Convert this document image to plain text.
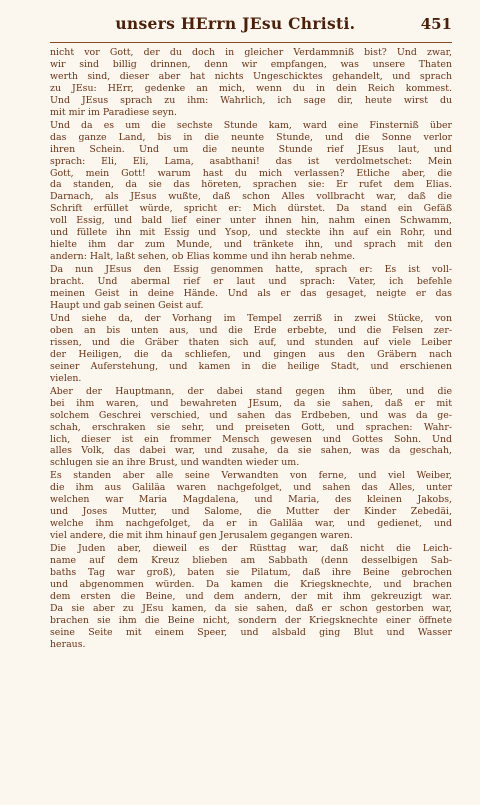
unsers HErrn JEsu Christi.	451
nicht vor Gott, der du doch in gleicher Verdammniß bist? Und zwar,
wir sind billig drinnen, denn wir empfangen, was unsere Thaten
werth sind, dieser aber hat nichts Ungeschicktes gehandelt, und sprach
zu JEsu: HErr, gedenke an mich, wenn du in dein Reich kommest.
Und JEsus sprach zu ihm: Wahrlich, ich sage dir, heute wirst du
mit mir im Paradiese seyn.
Und da es um die sechste Stunde kam, ward eine Finsterniß über
das ganze Land, bis in die neunte Stunde, und die Sonne verlor
ihren Schein. Und um die neunte Stunde rief JEsus laut, und
sprach: Eli, Eli, Lama, asabthani! das ist verdolmetschet: Mein
Gott, mein Gott! warum hast du mich verlassen? Etliche aber, die
da standen, da sie das höreten, sprachen sie: Er rufet dem Elias.
Darnach, als JEsus wußte, daß schon Alles vollbracht war, daß die
Schrift erfüllet würde, spricht er: Mich dürstet. Da stand ein Gefäß
voll Essig, und bald lief einer unter ihnen hin, nahm einen Schwamm,
und füllete ihn mit Essig und Ysop, und steckte ihn auf ein Rohr, und
hielte ihm dar zum Munde, und tränkete ihn, und sprach mit den
andern: Halt, laßt sehen, ob Elias komme und ihn herab nehme.
Da nun JEsus den Essig genommen hatte, sprach er: Es ist voll-
bracht. Und abermal rief er laut und sprach: Vater, ich befehle
meinen Geist in deine Hände. Und als er das gesaget, neigte er das
Haupt und gab seinen Geist auf.
Und siehe da, der Vorhang im Tempel zerriß in zwei Stücke, von
oben an bis unten aus, und die Erde erbebte, und die Felsen zer-
rissen, und die Gräber thaten sich auf, und stunden auf viele Leiber
der Heiligen, die da schliefen, und gingen aus den Gräbern nach
seiner Auferstehung, und kamen in die heilige Stadt, und erschienen
vielen.
Aber der Hauptmann, der dabei stand gegen ihm über, und die
bei ihm waren, und bewahreten JEsum, da sie sahen, daß er mit
solchem Geschrei verschied, und sahen das Erdbeben, und was da ge-
schah, erschraken sie sehr, und preiseten Gott, und sprachen: Wahr-
lich, dieser ist ein frommer Mensch gewesen und Gottes Sohn. Und
alles Volk, das dabei war, und zusahe, da sie sahen, was da geschah,
schlugen sie an ihre Brust, und wandten wieder um.
Es standen aber alle seine Verwandten von ferne, und viel Weiber,
die ihm aus Galiläa waren nachgefolget, und sahen das Alles, unter
welchen war Maria Magdalena, und Maria, des kleinen Jakobs,
und Joses Mutter, und Salome, die Mutter der Kinder Zebedäi,
welche ihm nachgefolget, da er in Galiläa war, und gedienet, und
viel andere, die mit ihm hinauf gen Jerusalem gegangen waren.
Die Juden aber, dieweil es der Rüsttag war, daß nicht die Leich-
name auf dem Kreuz blieben am Sabbath (denn desselbigen Sab-
baths Tag war groß), baten sie Pilatum, daß ihre Beine gebrochen
und abgenommen würden. Da kamen die Kriegsknechte, und brachen
dem ersten die Beine, und dem andern, der mit ihm gekreuzigt war.
Da sie aber zu JEsu kamen, da sie sahen, daß er schon gestorben war,
brachen sie ihm die Beine nicht, sondern der Kriegsknechte einer öffnete
seine Seite mit einem Speer, und alsbald ging Blut und Wasser
heraus.
